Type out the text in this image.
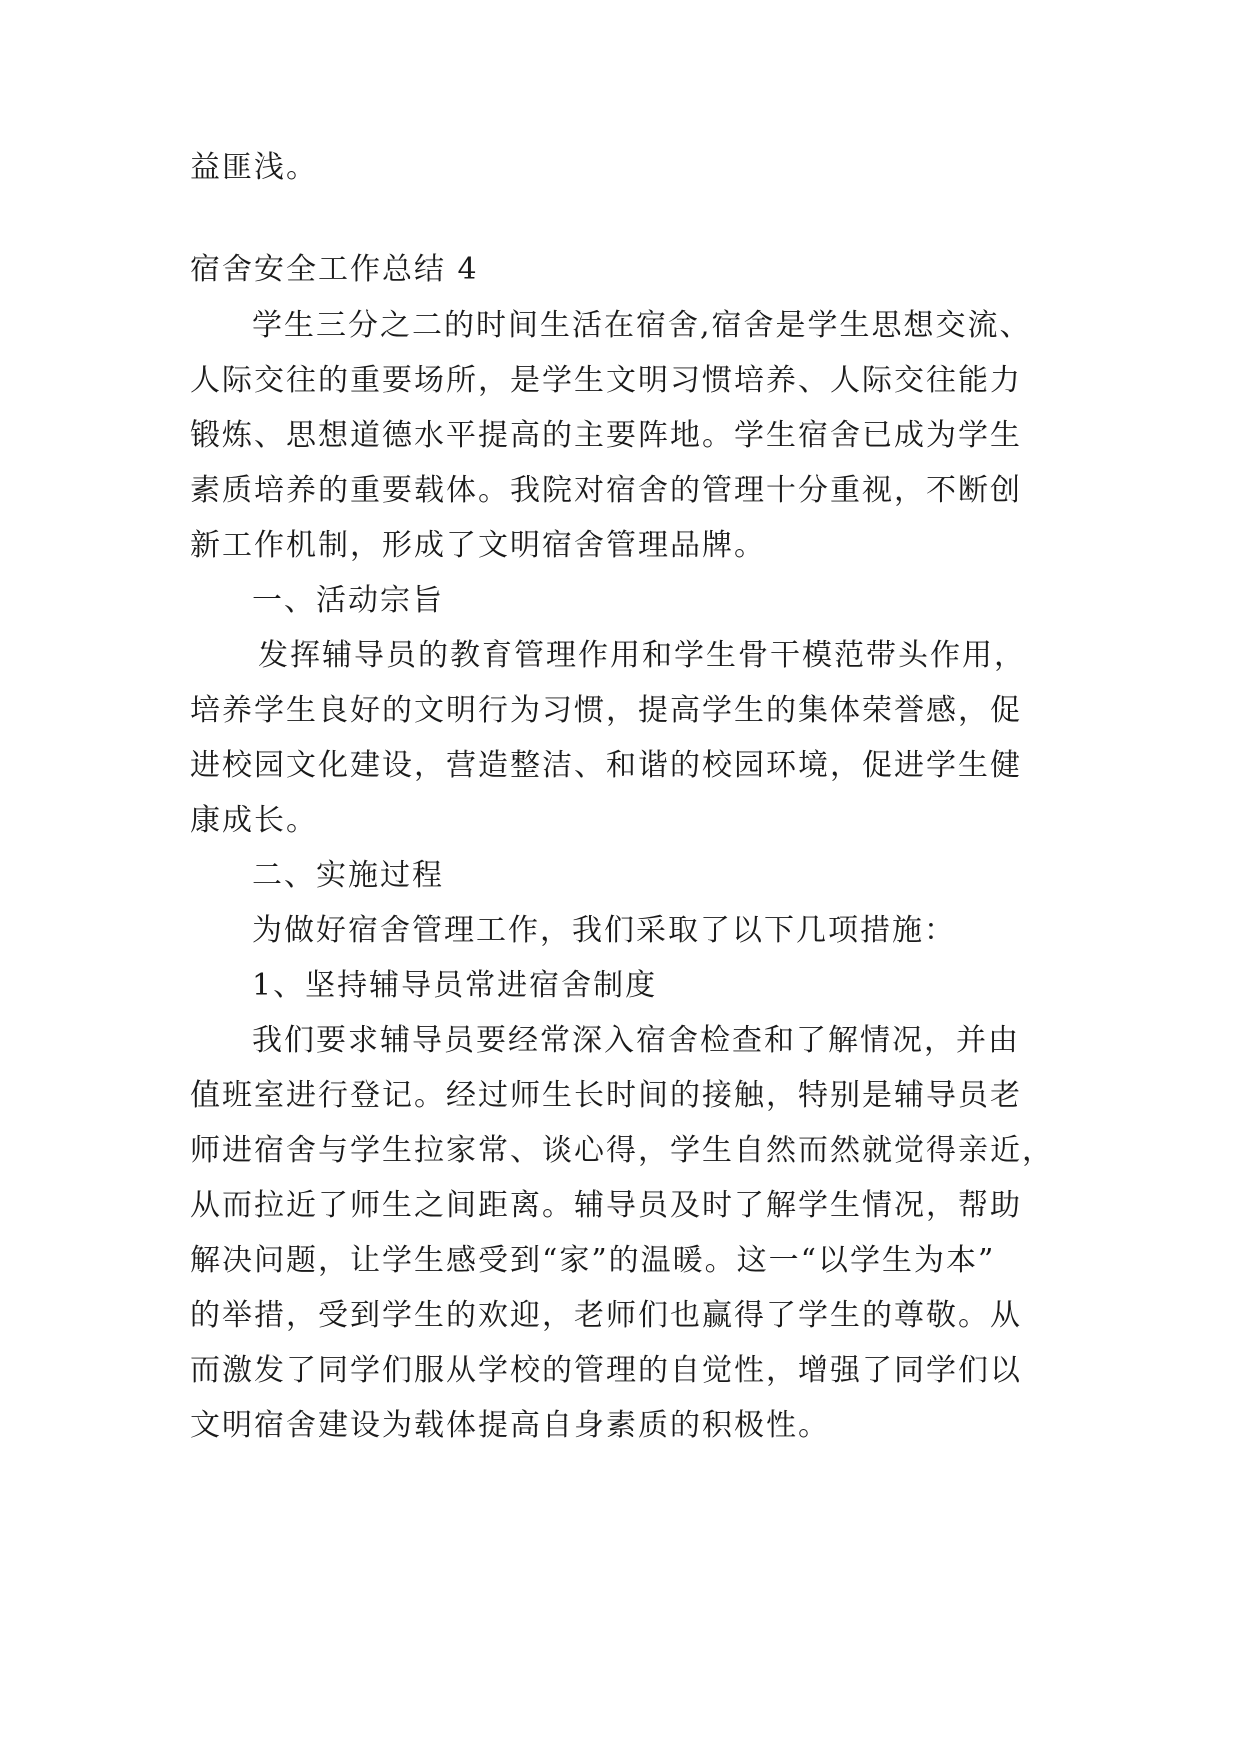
益匪浅。
宿舍安全工作总结 4
学生三分之二的时间生活在宿舍,宿舍是学生思想交流、
人际交往的重要场所，是学生文明习惯培养、人际交往能力
锻炼、思想道德水平提高的主要阵地。学生宿舍已成为学生
素质培养的重要载体。我院对宿舍的管理十分重视，不断创
新工作机制，形成了文明宿舍管理品牌。
一、活动宗旨
发挥辅导员的教育管理作用和学生骨干模范带头作用，
培养学生良好的文明行为习惯，提高学生的集体荣誉感，促
进校园文化建设，营造整洁、和谐的校园环境，促进学生健
康成长。
二、实施过程
为做好宿舍管理工作，我们采取了以下几项措施：
1、坚持辅导员常进宿舍制度
我们要求辅导员要经常深入宿舍检查和了解情况，并由
值班室进行登记。经过师生长时间的接触，特别是辅导员老
师进宿舍与学生拉家常、谈心得，学生自然而然就觉得亲近，
从而拉近了师生之间距离。辅导员及时了解学生情况，帮助
解决问题，让学生感受到“家”的温暖。这一“以学生为本”
的举措，受到学生的欢迎，老师们也赢得了学生的尊敬。从
而激发了同学们服从学校的管理的自觉性，增强了同学们以
文明宿舍建设为载体提高自身素质的积极性。
